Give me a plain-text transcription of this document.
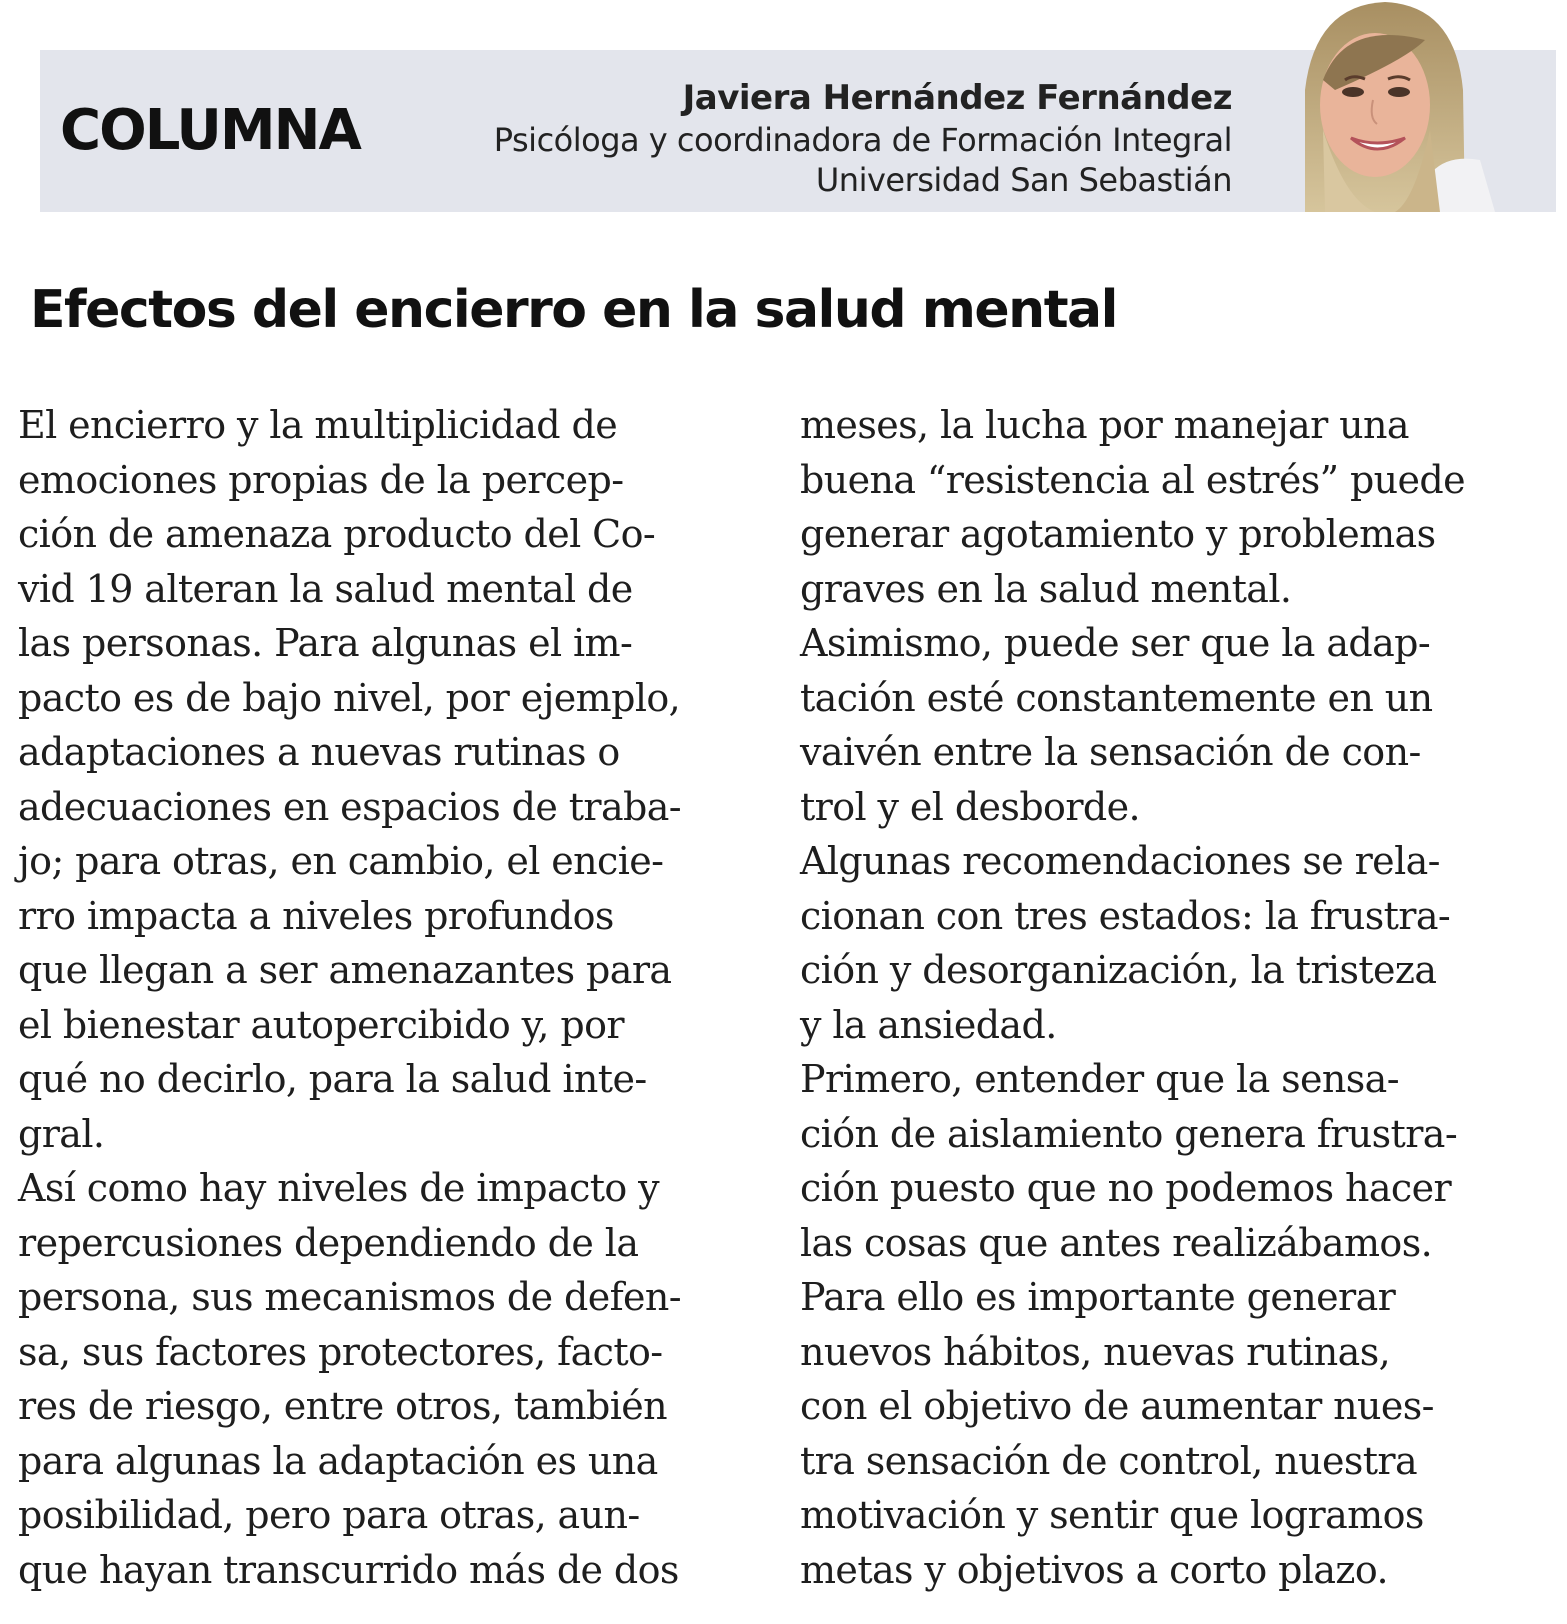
COLUMNA	Javiera Hernández Fernández
Psicóloga y coordinadora de Formación Integral
Universidad San Sebastián
Efectos del encierro en la salud mental
El encierro y la multiplicidad de
emociones propias de la percep-
ción de amenaza producto del Co-
vid 19 alteran la salud mental de
las personas. Para algunas el im-
pacto es de bajo nivel, por ejemplo,
adaptaciones a nuevas rutinas o
adecuaciones en espacios de traba-
jo; para otras, en cambio, el encie-
rro impacta a niveles profundos
que llegan a ser amenazantes para
el bienestar autopercibido y, por
qué no decirlo, para la salud inte-
gral.
Así como hay niveles de impacto y
repercusiones dependiendo de la
persona, sus mecanismos de defen-
sa, sus factores protectores, facto-
res de riesgo, entre otros, también
para algunas la adaptación es una
posibilidad, pero para otras, aun-
que hayan transcurrido más de dos
meses, la lucha por manejar una
buena “resistencia al estrés” puede
generar agotamiento y problemas
graves en la salud mental.
Asimismo, puede ser que la adap-
tación esté constantemente en un
vaivén entre la sensación de con-
trol y el desborde.
Algunas recomendaciones se rela-
cionan con tres estados: la frustra-
ción y desorganización, la tristeza
y la ansiedad.
Primero, entender que la sensa-
ción de aislamiento genera frustra-
ción puesto que no podemos hacer
las cosas que antes realizábamos.
Para ello es importante generar
nuevos hábitos, nuevas rutinas,
con el objetivo de aumentar nues-
tra sensación de control, nuestra
motivación y sentir que logramos
metas y objetivos a corto plazo.
